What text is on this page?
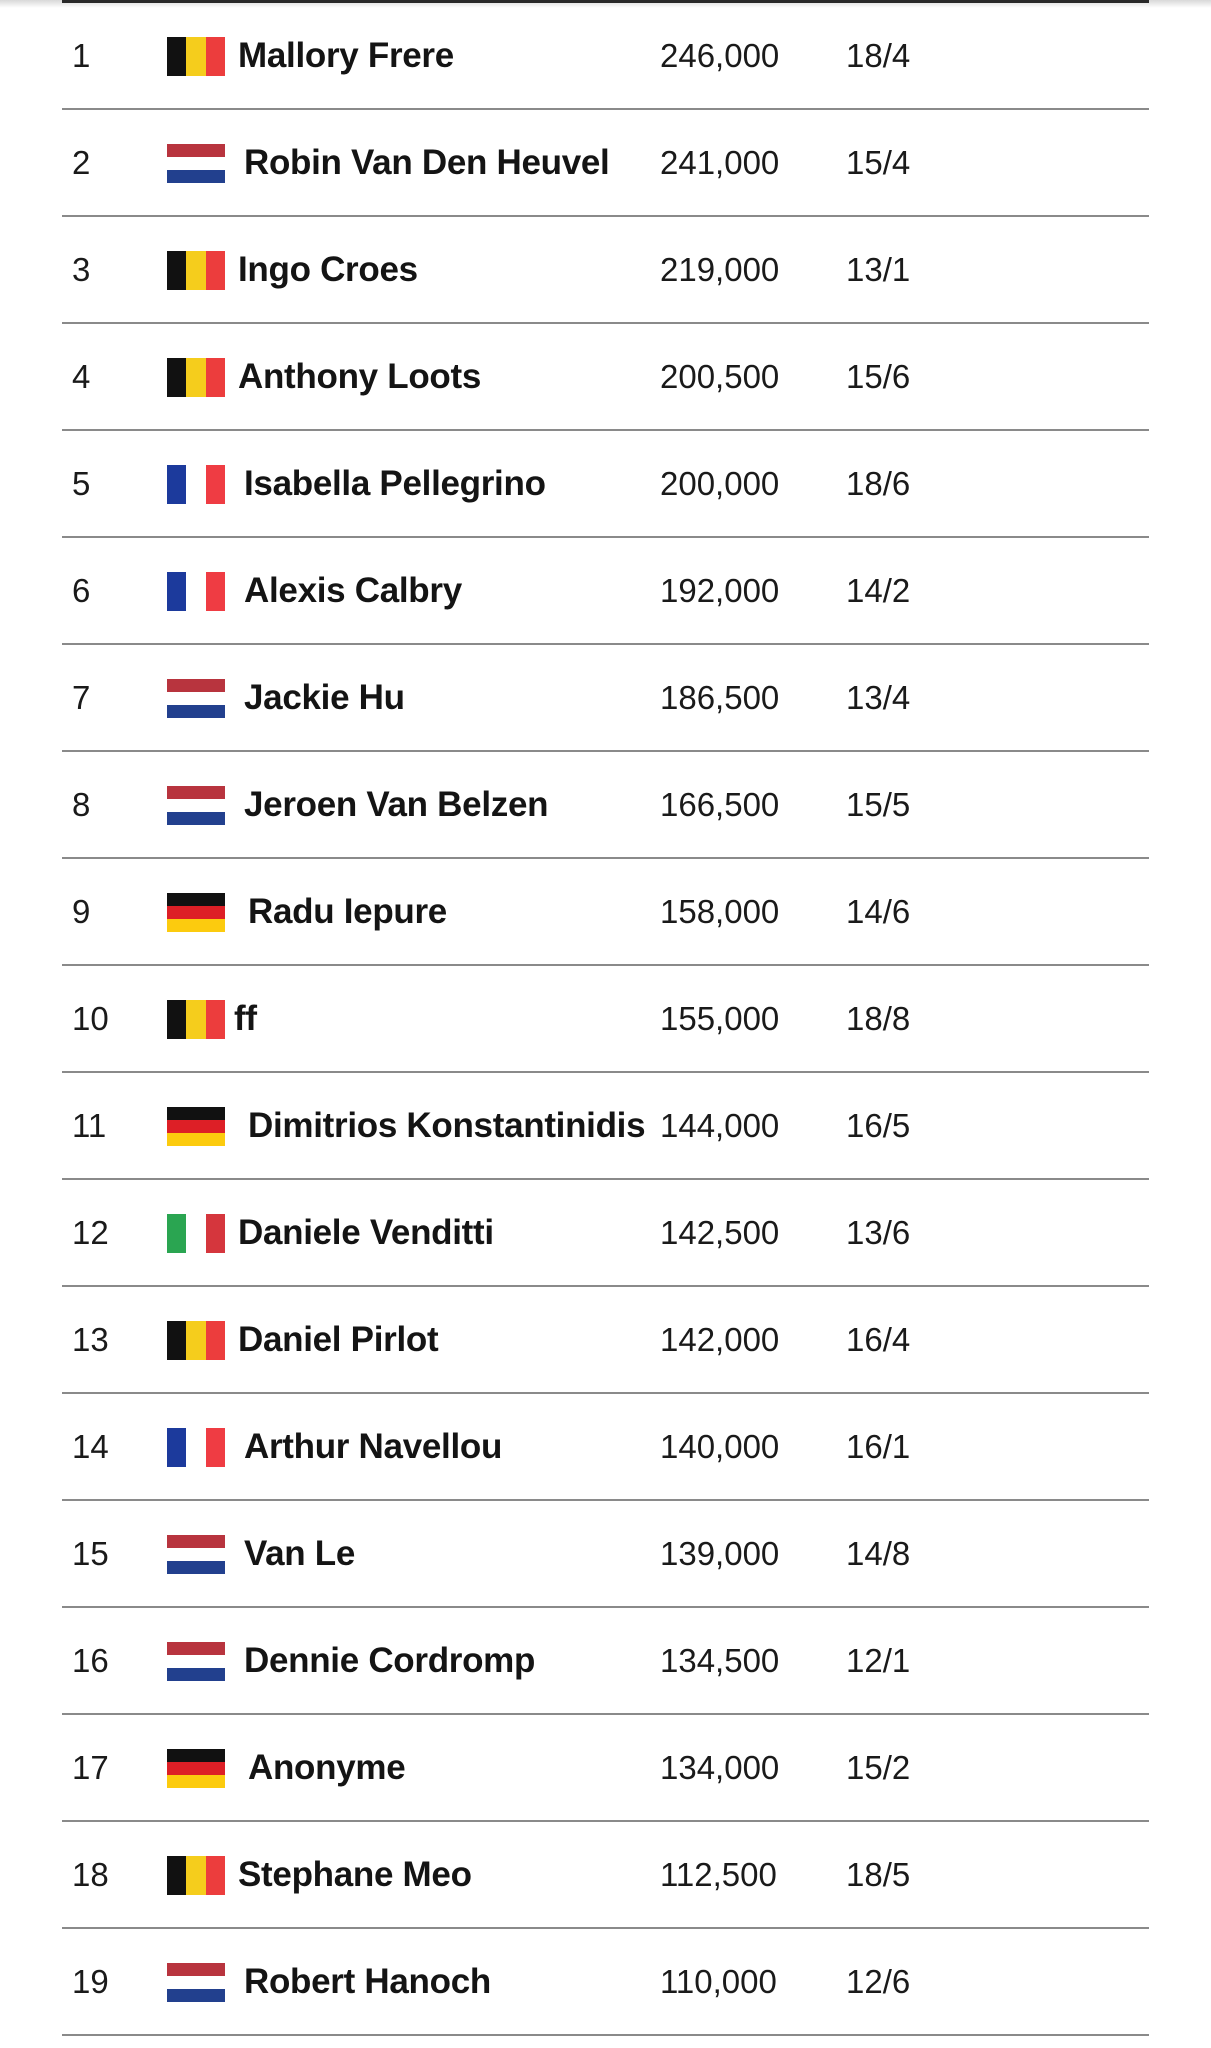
1	Mallory Frere	246,000 18/4
2	Robin Van Den Heuvel 241,000 15/4
3	Ingo Croes	219,000 13/1
4	Anthony Loots	200,500 15/6
5	Isabella Pellegrino	200,000 18/6
6	Alexis Calbry	192,000 14/2
7	Jackie Hu	186,500 13/4
8	Jeroen Van Belzen	166,500 15/5
9	Radu Iepure	158,000 14/6
10	ff	155,000 18/8
11	Dimitrios Konstantinidis 144,000 16/5
12	Daniele Venditti	142,500 13/6
13	Daniel Pirlot	142,000 16/4
14	Arthur Navellou	140,000 16/1
15	Van Le	139,000 14/8
16	Dennie Cordromp	134,500 12/1
17	Anonyme	134,000 15/2
18	Stephane Meo	112,500 18/5
19	Robert Hanoch	110,000 12/6
